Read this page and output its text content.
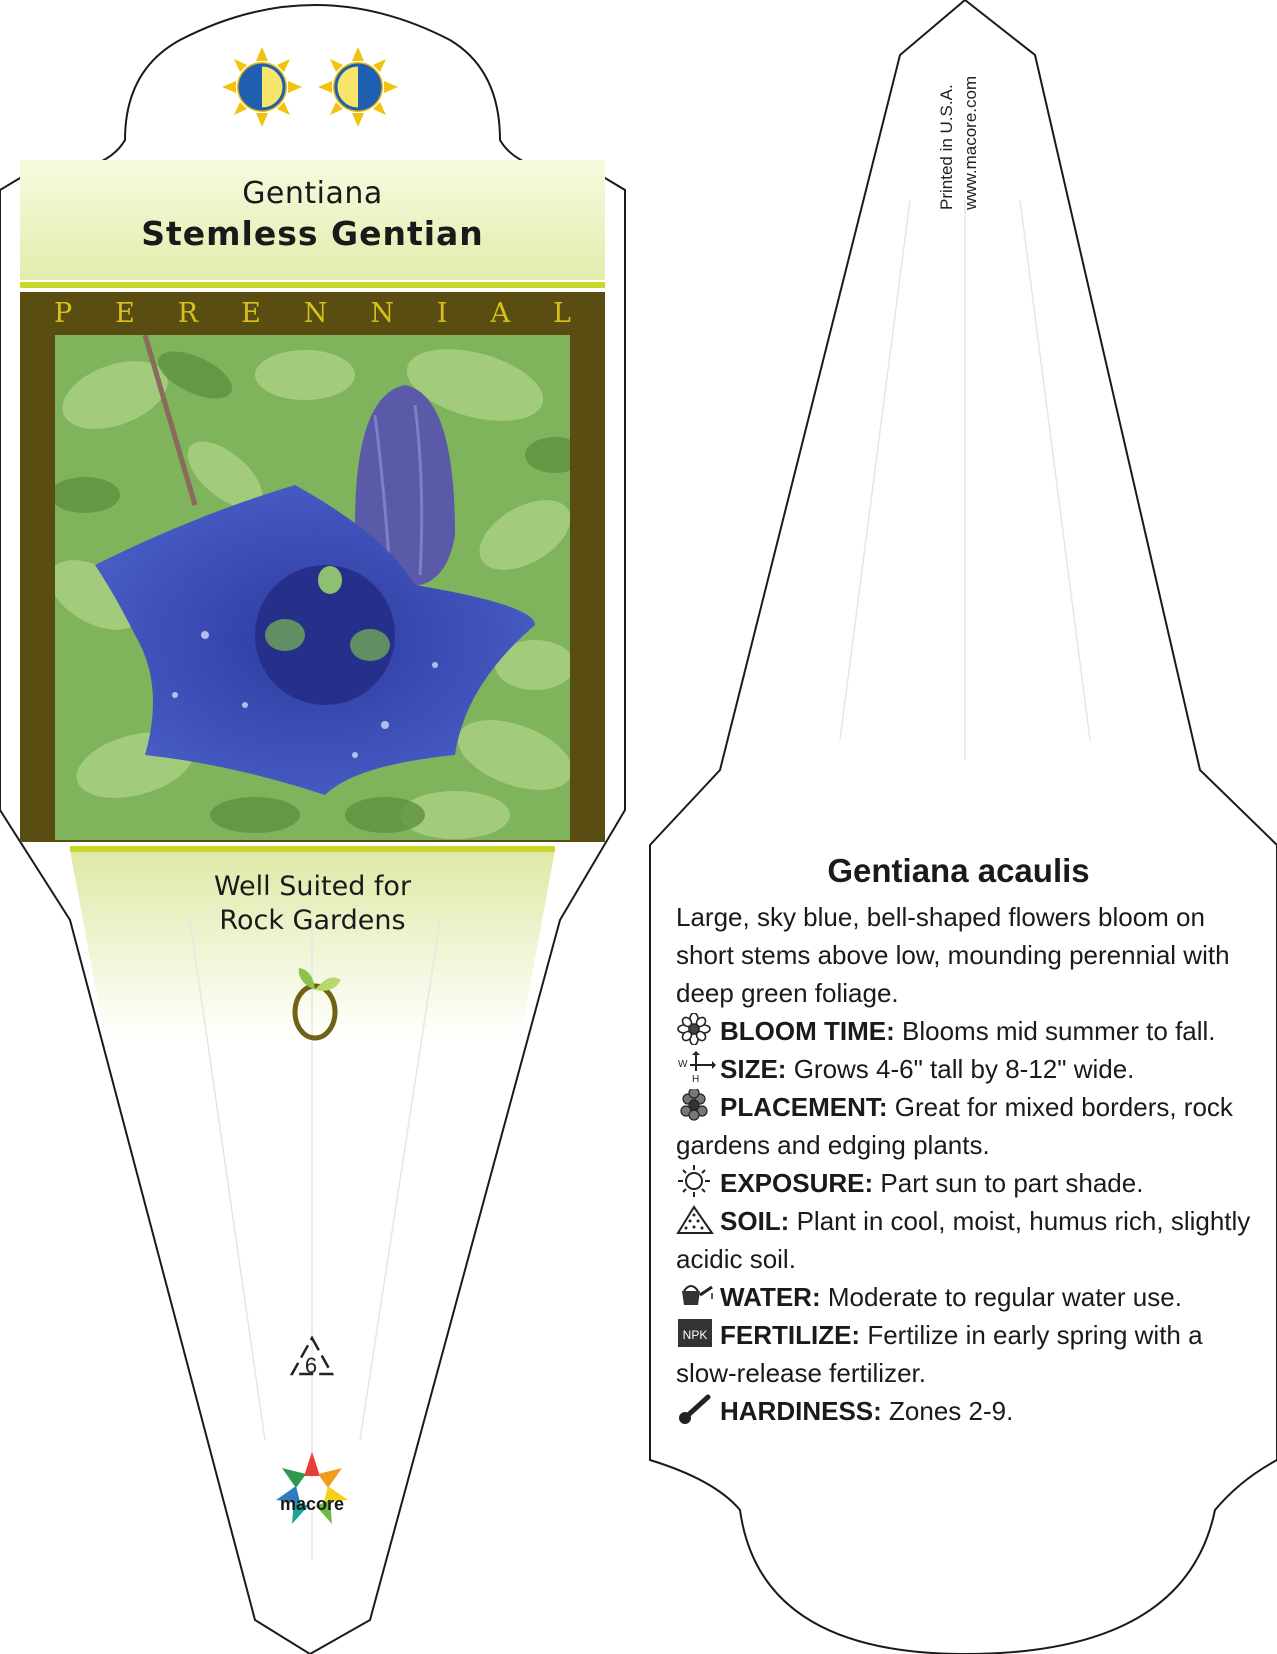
Gentiana
Stemless Gentian
P E R E N N I A L
Well Suited for
Rock Gardens
6
macore
Printed in U.S.A. www.macore.com
Gentiana acaulis

Large, sky blue, bell-shaped flowers bloom on short stems above low, mounding perennial with deep green foliage.

BLOOM TIME: Blooms mid summer to fall.

W
H SIZE: Grows 4-6" tall by 8-12" wide.

PLACEMENT: Great for mixed borders, rock gardens and edging plants.

EXPOSURE: Part sun to part shade.

SOIL: Plant in cool, moist, humus rich, slightly acidic soil.

WATER: Moderate to regular water use.

NPK FERTILIZE: Fertilize in early spring with a slow-release fertilizer.

HARDINESS: Zones 2-9.
